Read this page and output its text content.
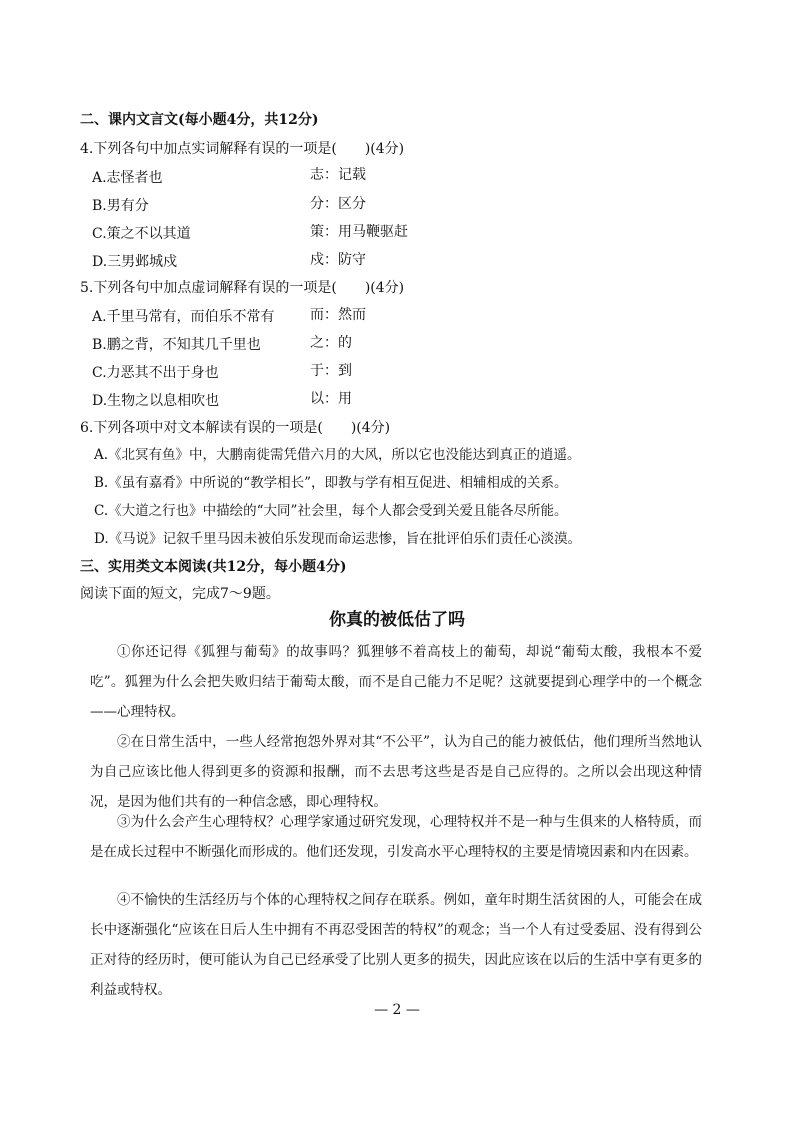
二、课内文言文(每小题4分，共12分)
4.下列各句中加点实词解释有误的一项是(　　)(4分)
A.志怪者也	志：记载
B.男有分	分：区分
C.策之不以其道	策：用马鞭驱赶
D.三男邺城戍	戍：防守
5.下列各句中加点虚词解释有误的一项是(　　)(4分)
A.千里马常有，而伯乐不常有	而：然而
B.鹏之背，不知其几千里也	之：的
C.力恶其不出于身也	于：到
D.生物之以息相吹也	以：用
6.下列各项中对文本解读有误的一项是(　　)(4分)
A.《北冥有鱼》中，大鹏南徙需凭借六月的大风，所以它也没能达到真正的逍遥。
B.《虽有嘉肴》中所说的“教学相长”，即教与学有相互促进、相辅相成的关系。
C.《大道之行也》中描绘的“大同”社会里，每个人都会受到关爱且能各尽所能。
D.《马说》记叙千里马因未被伯乐发现而命运悲惨，旨在批评伯乐们责任心淡漠。
三、实用类文本阅读(共12分，每小题4分)
阅读下面的短文，完成7～9题。
你真的被低估了吗
①你还记得《狐狸与葡萄》的故事吗？狐狸够不着高枝上的葡萄，却说“葡萄太酸，我根本不爱吃”。狐狸为什么会把失败归结于葡萄太酸，而不是自己能力不足呢？这就要提到心理学中的一个概念——心理特权。
②在日常生活中，一些人经常抱怨外界对其“不公平”，认为自己的能力被低估，他们理所当然地认为自己应该比他人得到更多的资源和报酬，而不去思考这些是否是自己应得的。之所以会出现这种情况，是因为他们共有的一种信念感，即心理特权。
③为什么会产生心理特权？心理学家通过研究发现，心理特权并不是一种与生俱来的人格特质，而是在成长过程中不断强化而形成的。他们还发现，引发高水平心理特权的主要是情境因素和内在因素。
④不愉快的生活经历与个体的心理特权之间存在联系。例如，童年时期生活贫困的人，可能会在成长中逐渐强化“应该在日后人生中拥有不再忍受困苦的特权”的观念；当一个人有过受委屈、没有得到公正对待的经历时，便可能认为自己已经承受了比别人更多的损失，因此应该在以后的生活中享有更多的利益或特权。
— 2 —
